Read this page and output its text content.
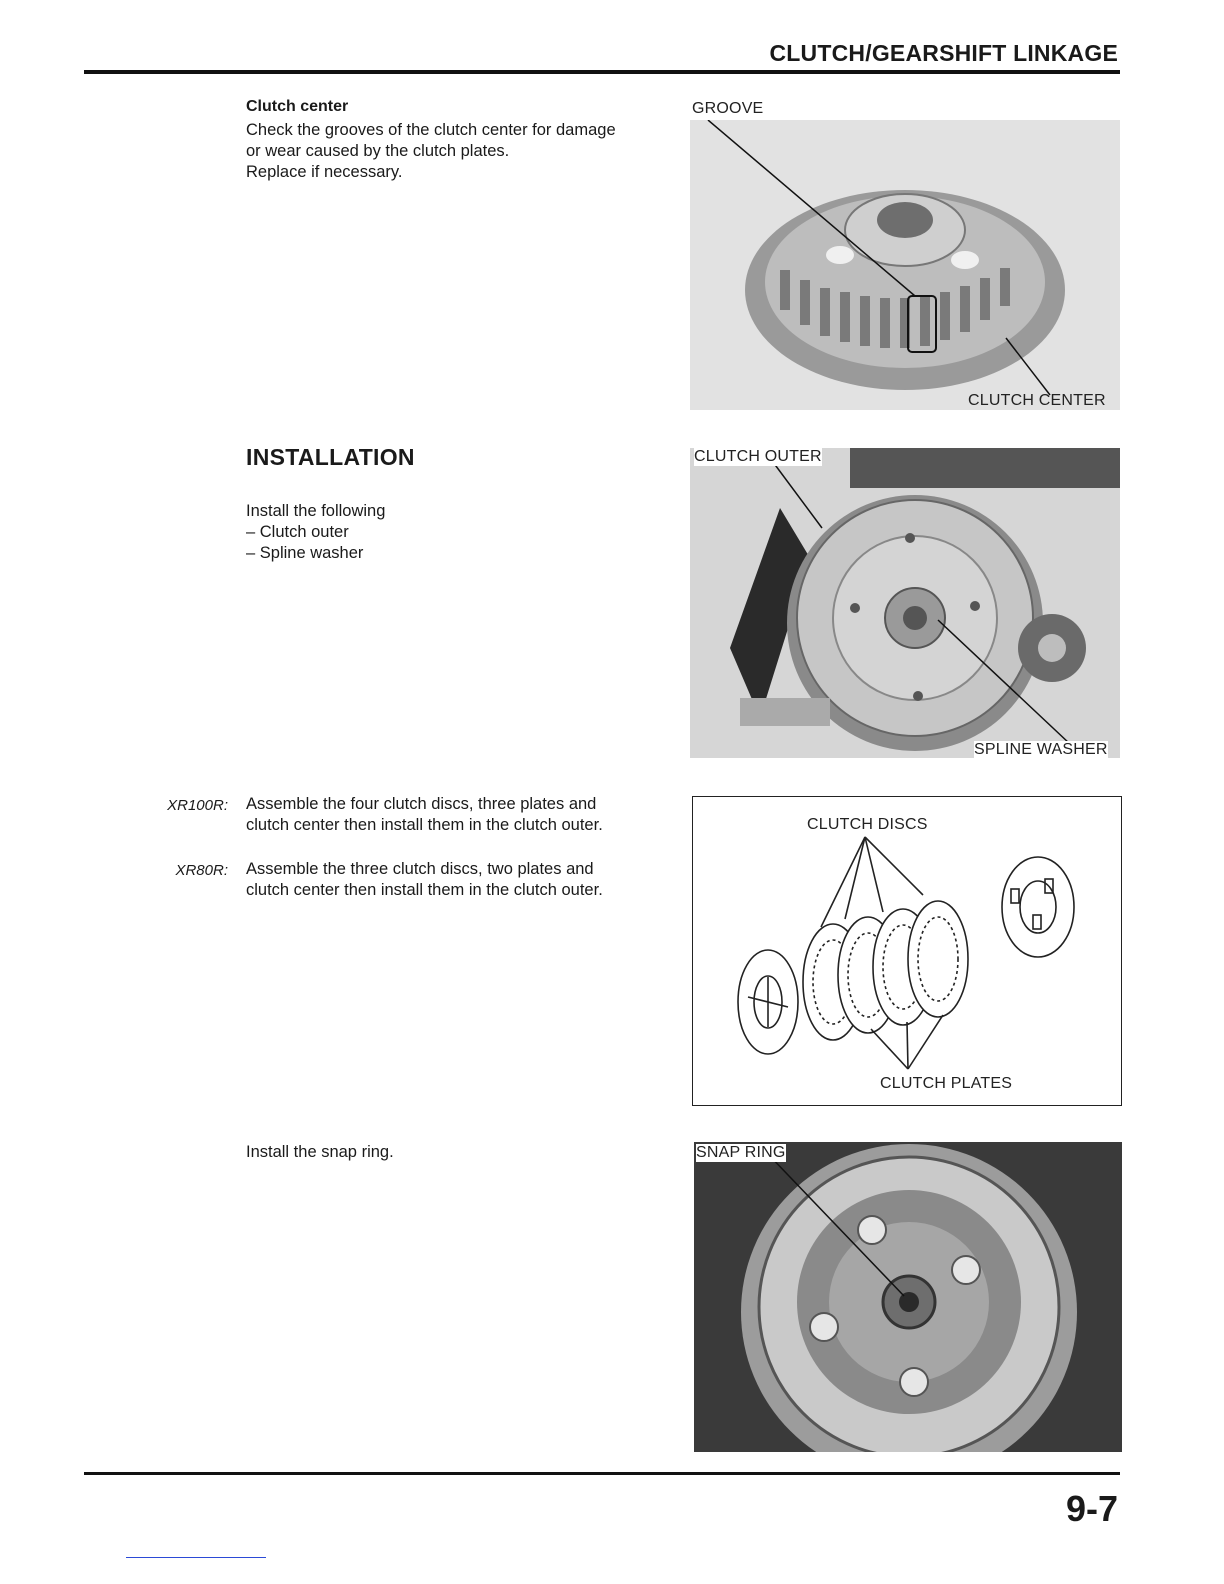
CLUTCH/GEARSHIFT LINKAGE
Clutch center
Check the grooves of the clutch center for damage
or wear caused by the clutch plates.
Replace if necessary.
GROOVE
CLUTCH CENTER
INSTALLATION
Install the following
– Clutch outer
– Spline washer
CLUTCH OUTER
SPLINE WASHER
XR100R: Assemble the four clutch discs, three plates and
clutch center then install them in the clutch outer.
XR80R: Assemble the three clutch discs, two plates and
clutch center then install them in the clutch outer.
CLUTCH DISCS
CLUTCH PLATES
Install the snap ring.	SNAP RING
9-7
